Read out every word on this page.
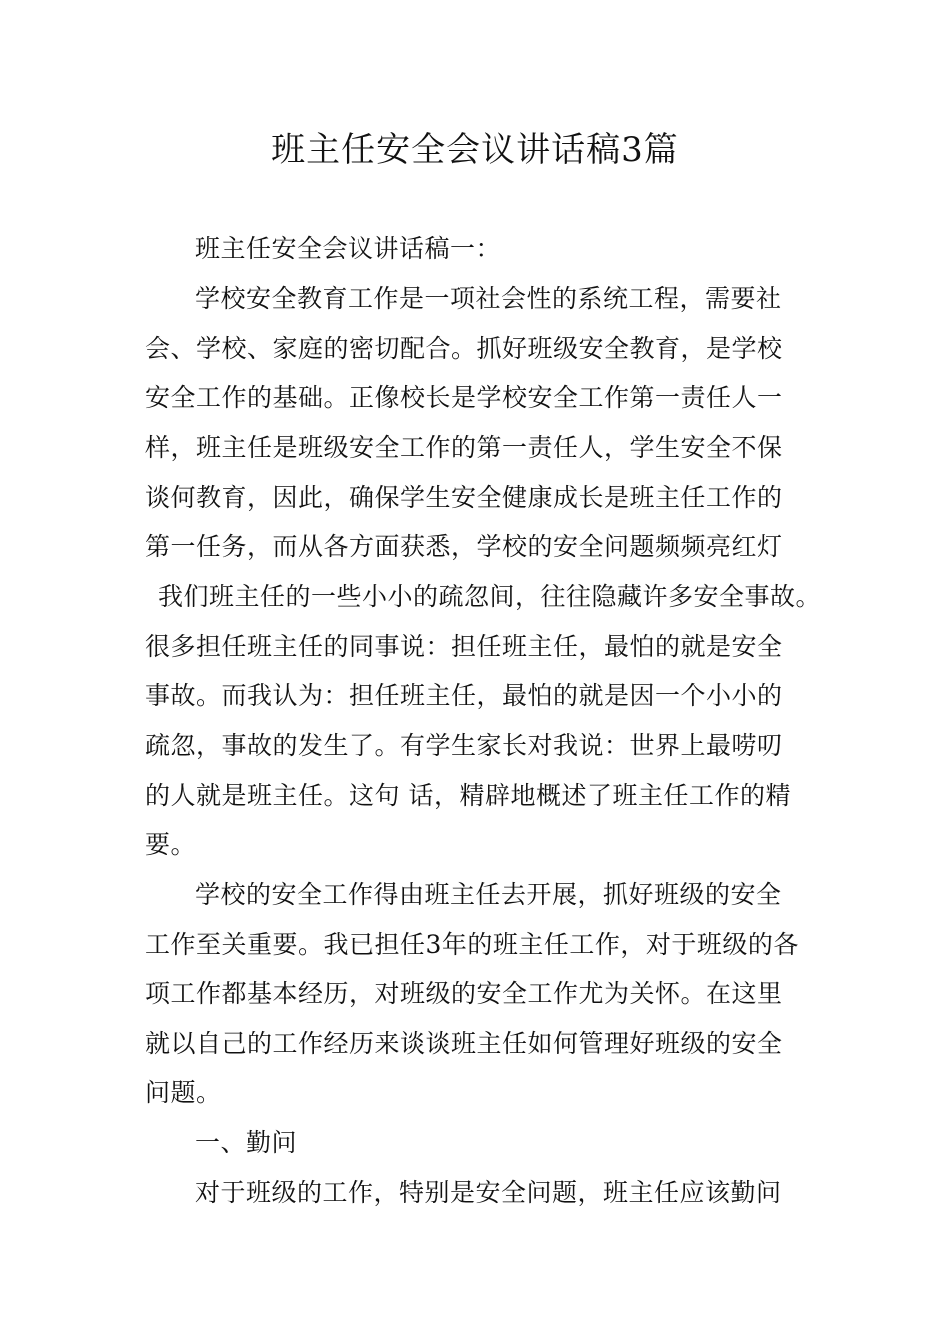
班主任安全会议讲话稿3篇
班主任安全会议讲话稿一：
学校安全教育工作是一项社会性的系统工程，需要社
会、学校、家庭的密切配合。抓好班级安全教育，是学校
安全工作的基础。正像校长是学校安全工作第一责任人一
样，班主任是班级安全工作的第一责任人，学生安全不保
谈何教育，因此，确保学生安全健康成长是班主任工作的
第一任务，而从各方面获悉，学校的安全问题频频亮红灯
我们班主任的一些小小的疏忽间，往往隐藏许多安全事故。
很多担任班主任的同事说：担任班主任，最怕的就是安全
事故。而我认为：担任班主任，最怕的就是因一个小小的
疏忽，事故的发生了。有学生家长对我说：世界上最唠叨
的人就是班主任。这句 话，精辟地概述了班主任工作的精
要。
学校的安全工作得由班主任去开展，抓好班级的安全
工作至关重要。我已担任3年的班主任工作，对于班级的各
项工作都基本经历，对班级的安全工作尤为关怀。在这里
就以自己的工作经历来谈谈班主任如何管理好班级的安全
问题。
一、勤问
对于班级的工作，特别是安全问题，班主任应该勤问
